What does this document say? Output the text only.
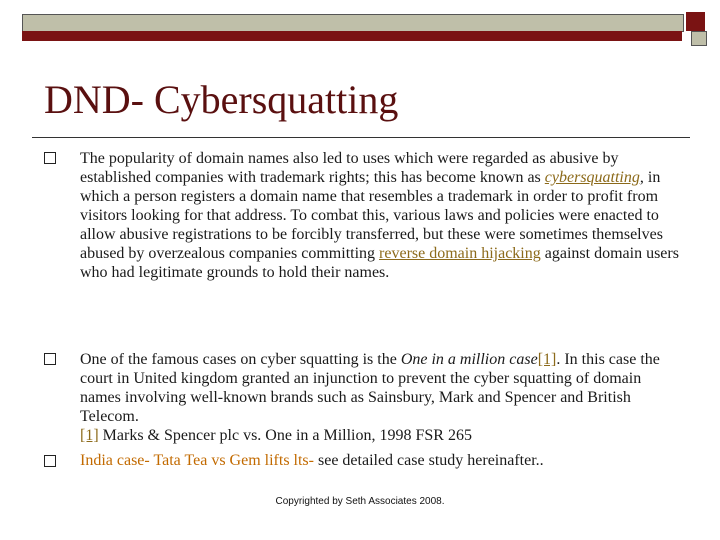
DND- Cybersquatting

The popularity of domain names also led to uses which were regarded as abusive by established companies with trademark rights; this has become known as cybersquatting, in which a person registers a domain name that resembles a trademark in order to profit from visitors looking for that address. To combat this, various laws and policies were enacted to allow abusive registrations to be forcibly transferred, but these were sometimes themselves abused by overzealous companies committing reverse domain hijacking against domain users who had legitimate grounds to hold their names.

One of the famous cases on cyber squatting is the One in a million case[1]. In this case the court in United kingdom granted an injunction to prevent the cyber squatting of domain names involving well-known brands such as Sainsbury, Mark and Spencer and British Telecom.
[1] Marks & Spencer plc vs. One in a Million, 1998 FSR 265

India case- Tata Tea vs Gem lifts lts- see detailed case study hereinafter..

Copyrighted by Seth Associates 2008.
